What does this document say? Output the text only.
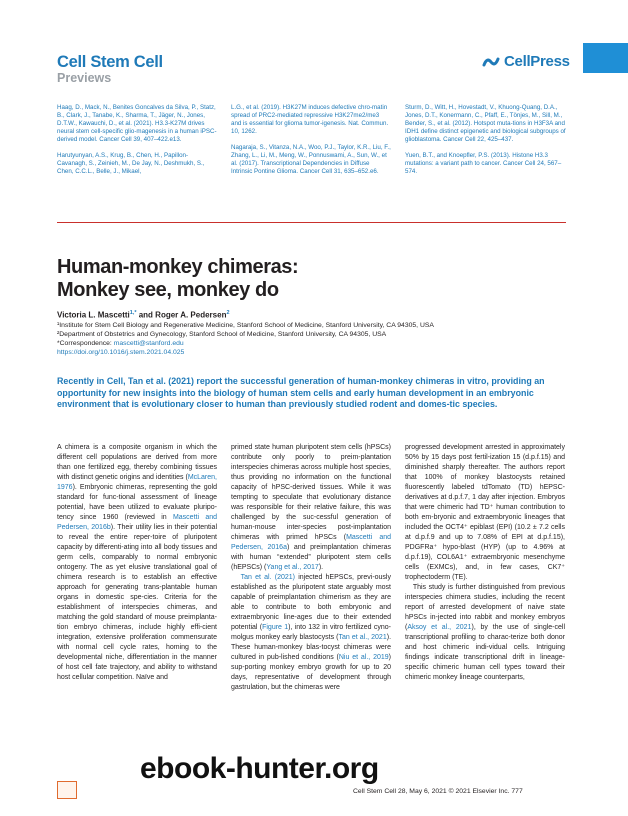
Cell Stem Cell
Previews
CellPress

Haag, D., Mack, N., Benites Goncalves da Silva, P., Statz, B., Clark, J., Tanabe, K., Sharma, T., Jäger, N., Jones, D.T.W., Kawauchi, D., et al. (2021). H3.3-K27M drives neural stem cell-specific glio-magenesis in a human iPSC-derived model. Cancer Cell 39, 407–422.e13.

Harutyunyan, A.S., Krug, B., Chen, H., Papillon-Cavanagh, S., Zeinieh, M., De Jay, N., Deshmukh, S., Chen, C.C.L., Belle, J., Mikael,

L.G., et al. (2019). H3K27M induces defective chro-matin spread of PRC2-mediated repressive H3K27me2/me3 and is essential for glioma tumor-igenesis. Nat. Commun. 10, 1262.

Nagaraja, S., Vitanza, N.A., Woo, P.J., Taylor, K.R., Liu, F., Zhang, L., Li, M., Meng, W., Ponnuswami, A., Sun, W., et al. (2017). Transcriptional Dependencies in Diffuse Intrinsic Pontine Glioma. Cancer Cell 31, 635–652.e6.

Sturm, D., Witt, H., Hovestadt, V., Khuong-Quang, D.A., Jones, D.T., Konermann, C., Pfaff, E., Tönjes, M., Sill, M., Bender, S., et al. (2012). Hotspot muta-tions in H3F3A and IDH1 define distinct epigenetic and biological subgroups of glioblastoma. Cancer Cell 22, 425–437.

Yuen, B.T., and Knoepfler, P.S. (2013). Histone H3.3 mutations: a variant path to cancer. Cancer Cell 24, 567–574.

Human-monkey chimeras:
Monkey see, monkey do
Victoria L. Mascetti$^{1,*}$ and Roger A. Pedersen$^2$
¹Institute for Stem Cell Biology and Regenerative Medicine, Stanford School of Medicine, Stanford University, CA 94305, USA
²Department of Obstetrics and Gynecology, Stanford School of Medicine, Stanford University, CA 94305, USA
*Correspondence: mascetti@stanford.edu
https://doi.org/10.1016/j.stem.2021.04.025
Recently in Cell, Tan et al. (2021) report the successful generation of human-monkey chimeras in vitro, providing an opportunity for new insights into the biology of human stem cells and early human development in an embryonic environment that is evolutionary closer to human than previously studied rodent and domes-tic species.

A chimera is a composite organism in which the different cell populations are derived from more than one fertilized egg, thereby combining tissues with distinct genetic origins and identities (McLaren, 1976). Embryonic chimeras, representing the gold standard for func-tional assessment of lineage potential, have been utilized to evaluate pluripo-tency since 1960 (reviewed in Mascetti and Pedersen, 2016b). Their utility lies in their potential to reveal the entire reper-toire of pluripotent capacity by differenti-ating into all body tissues and germ cells, comparably to normal embryonic ontogeny. The as yet elusive translational goal of chimera research is to establish an effective approach for generating trans-plantable human organs in domestic spe-cies. Criteria for the establishment of interspecies chimeras, and matching the gold standard of mouse preimplanta-tion embryo chimeras, include highly effi-cient integration, extensive proliferation commensurate with normal cell cycle rates, homing to the developmental niche, differentiation in the manner of host cell fate trajectory, and ability to withstand host cellular competition. Naïve and

primed state human pluripotent stem cells (hPSCs) contribute only poorly to preim-plantation interspecies chimeras across multiple host species, thus providing no information on the functional capacity of hPSC-derived tissues. While it was tempting to speculate that evolutionary distance was responsible for their relative failure, this was challenged by the suc-cessful generation of human-mouse inter-species post-implantation chimeras with primed hPSCs (Mascetti and Pedersen, 2016a) and preimplantation chimeras with human “extended” pluripotent stem cells (hEPSCs) (Yang et al., 2017).
Tan et al. (2021) injected hEPSCs, previ-ously established as the pluripotent state arguably most capable of preimplantation chimerism as they are able to contribute to both embryonic and extraembryonic line-ages due to their extended potential (Figure 1), into 132 in vitro fertilized cyno-molgus monkey early blastocysts (Tan et al., 2021). These human-monkey blas-tocyst chimeras were cultured in pub-lished conditions (Niu et al., 2019) sup-porting monkey embryo growth for up to 20 days, representative of development through gastrulation, but the chimeras were

progressed development arrested in approximately 50% by 15 days post fertil-ization 15 (d.p.f.15) and diminished sharply thereafter. The authors report that 100% of monkey blastocysts retained fluorescently labeled tdTomato (TD) hEPSC-derivatives at d.p.f.7, 1 day after injection. Embryos that were chimeric had TD⁺ human contribution to both em-bryonic and extraembryonic lineages that included the OCT4⁺ epiblast (EPI) (10.2 ± 7.2 cells at d.p.f.9 and up to 7.08% of EPI at d.p.f.15), PDGFRa⁺ hypo-blast (HYP) (up to 4.96% at d.p.f.19), COL6A1⁺ extraembryonic mesenchyme cells (EXMCs), and, in few cases, CK7⁺ trophectoderm (TE).
This study is further distinguished from previous interspecies chimera studies, including the recent report of arrested development of naive state hPSCs in-jected into rabbit and monkey embryos (Aksoy et al., 2021), by the use of single-cell transcriptional profiling to charac-terize both donor and host chimeric indi-vidual cells. Intriguing findings indicate transcriptional drift in lineage-specific chimeric human cell types toward their chimeric monkey lineage counterparts,

Cell Stem Cell 28, May 6, 2021 © 2021 Elsevier Inc. 777
ebook-hunter.org
